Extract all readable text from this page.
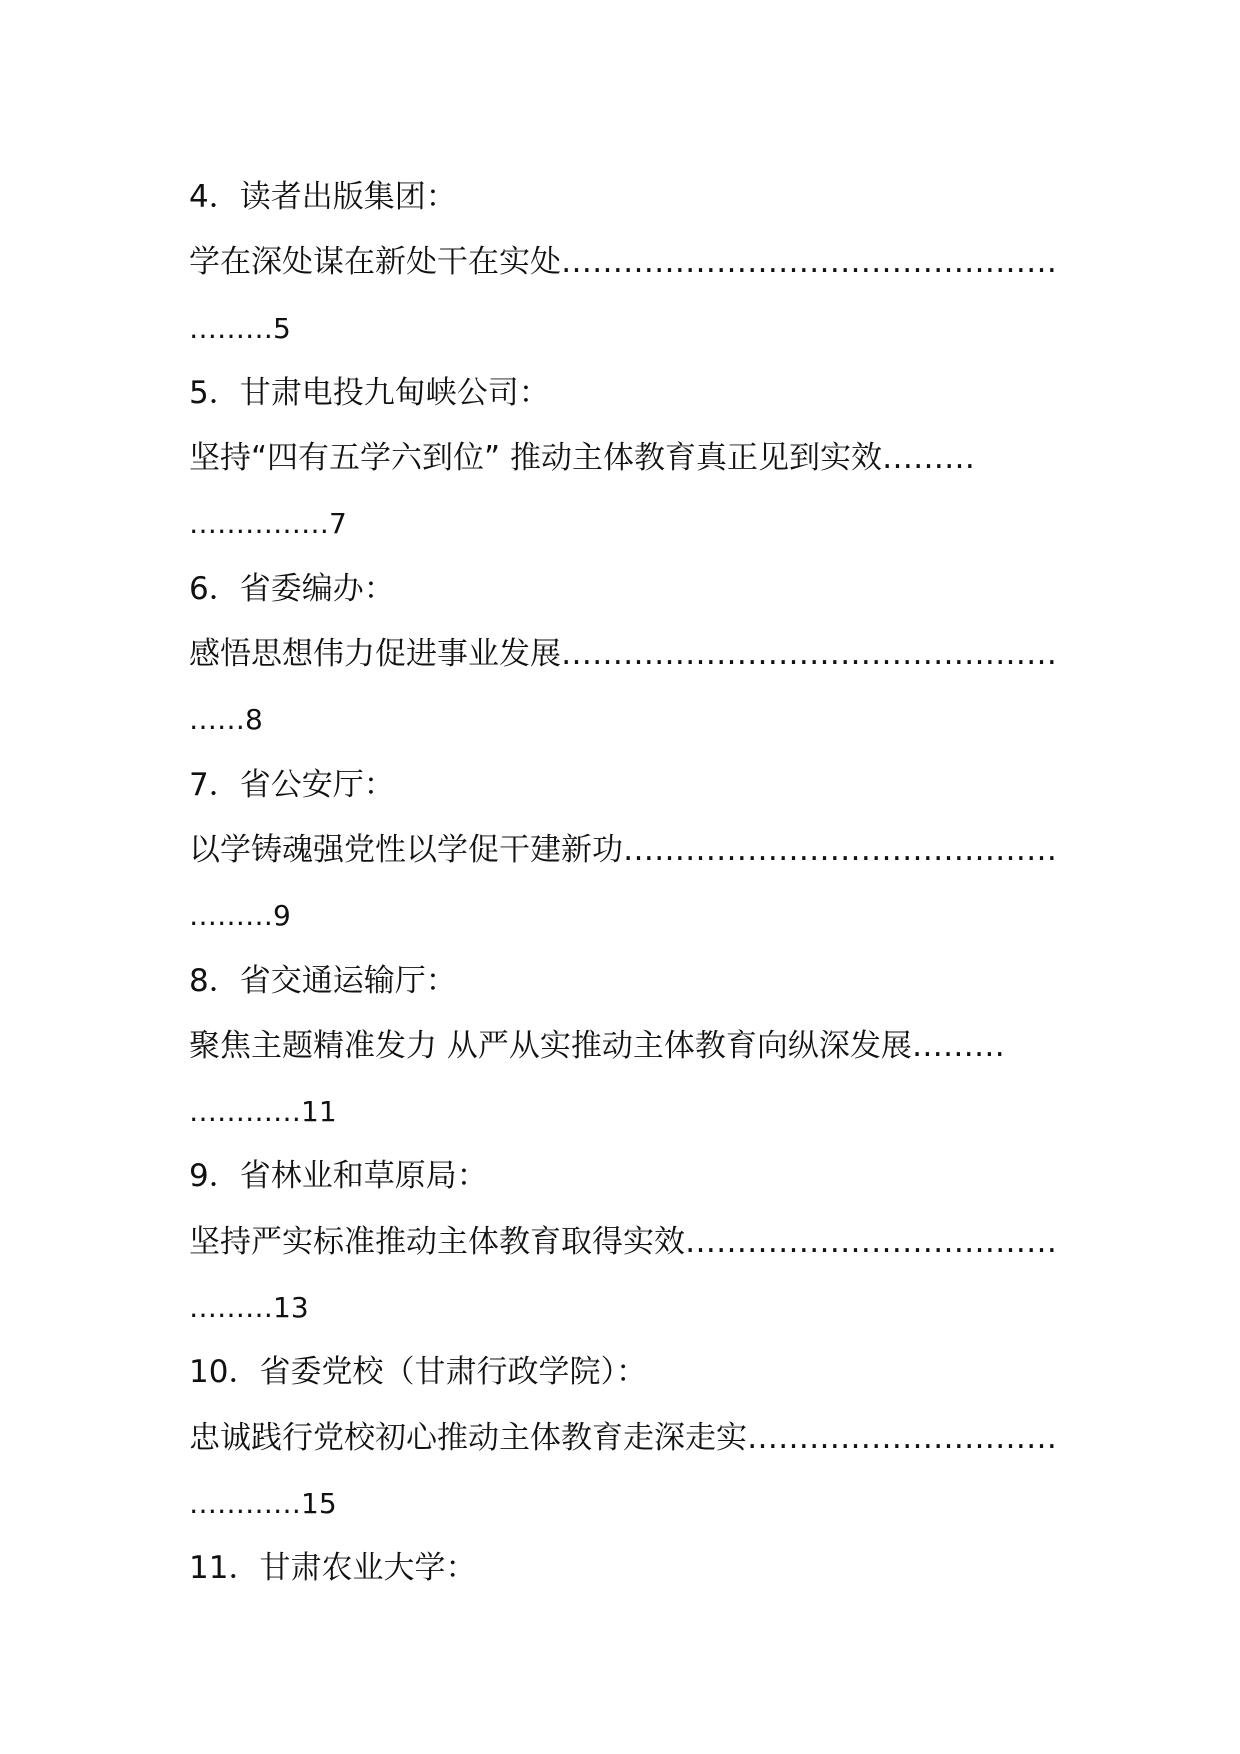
4．读者出版集团：
学在深处谋在新处干在实处…………………………………………
………5
5．甘肃电投九甸峡公司：
坚持“四有五学六到位” 推动主体教育真正见到实效………
……………7
6．省委编办：
感悟思想伟力促进事业发展…………………………………………
……8
7．省公安厅：
以学铸魂强党性以学促干建新功……………………………………
………9
8．省交通运输厅：
聚焦主题精准发力 从严从实推动主体教育向纵深发展………
…………11
9．省林业和草原局：
坚持严实标准推动主体教育取得实效………………………………
………13
10．省委党校（甘肃行政学院）：
忠诚践行党校初心推动主体教育走深走实…………………………
…………15
11．甘肃农业大学：
